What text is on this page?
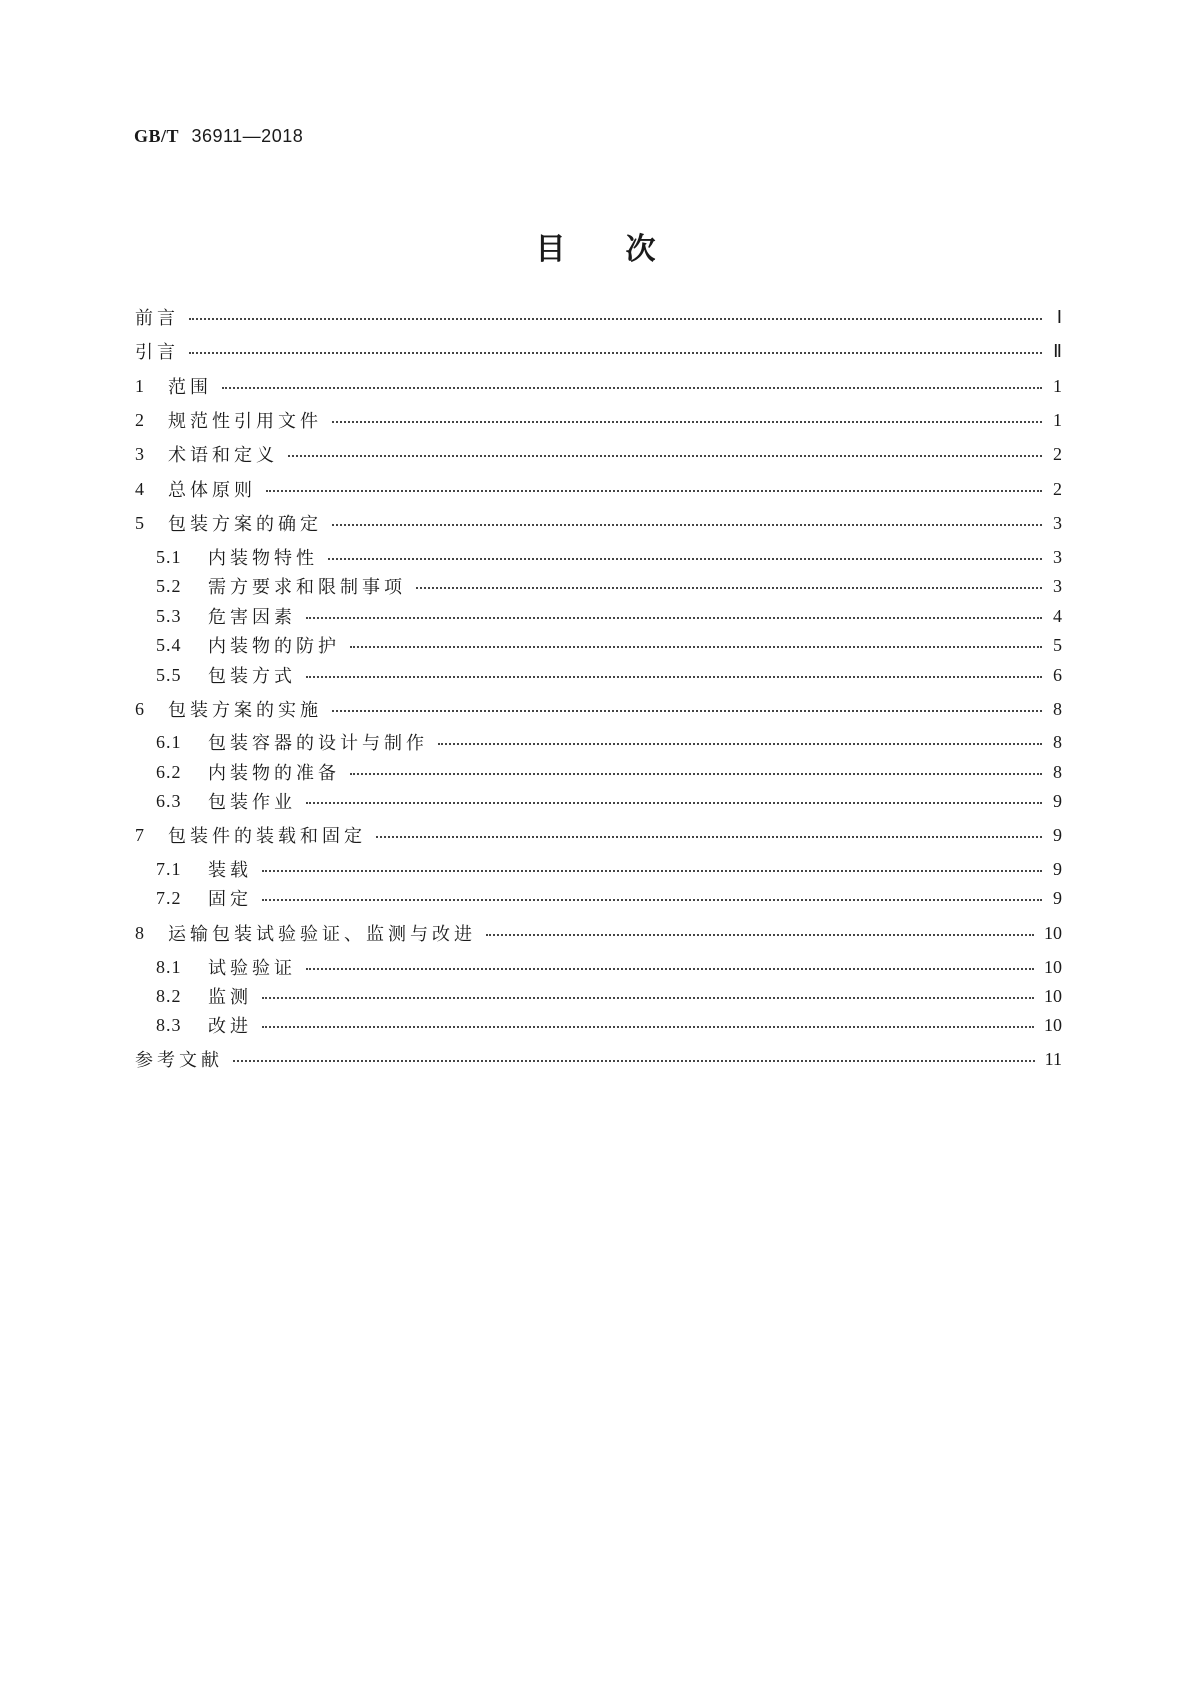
GB/T 36911—2018
目次
前言	Ⅰ
引言	Ⅱ
1	范围	1
2	规范性引用文件	1
3	术语和定义	2
4	总体原则	2
5	包装方案的确定	3
5.1	内装物特性	3
5.2	需方要求和限制事项	3
5.3	危害因素	4
5.4	内装物的防护	5
5.5	包装方式	6
6	包装方案的实施	8
6.1	包装容器的设计与制作	8
6.2	内装物的准备	8
6.3	包装作业	9
7	包装件的装载和固定	9
7.1	装载	9
7.2	固定	9
8	运输包装试验验证、监测与改进	10
8.1	试验验证	10
8.2	监测	10
8.3	改进	10
参考文献	11
